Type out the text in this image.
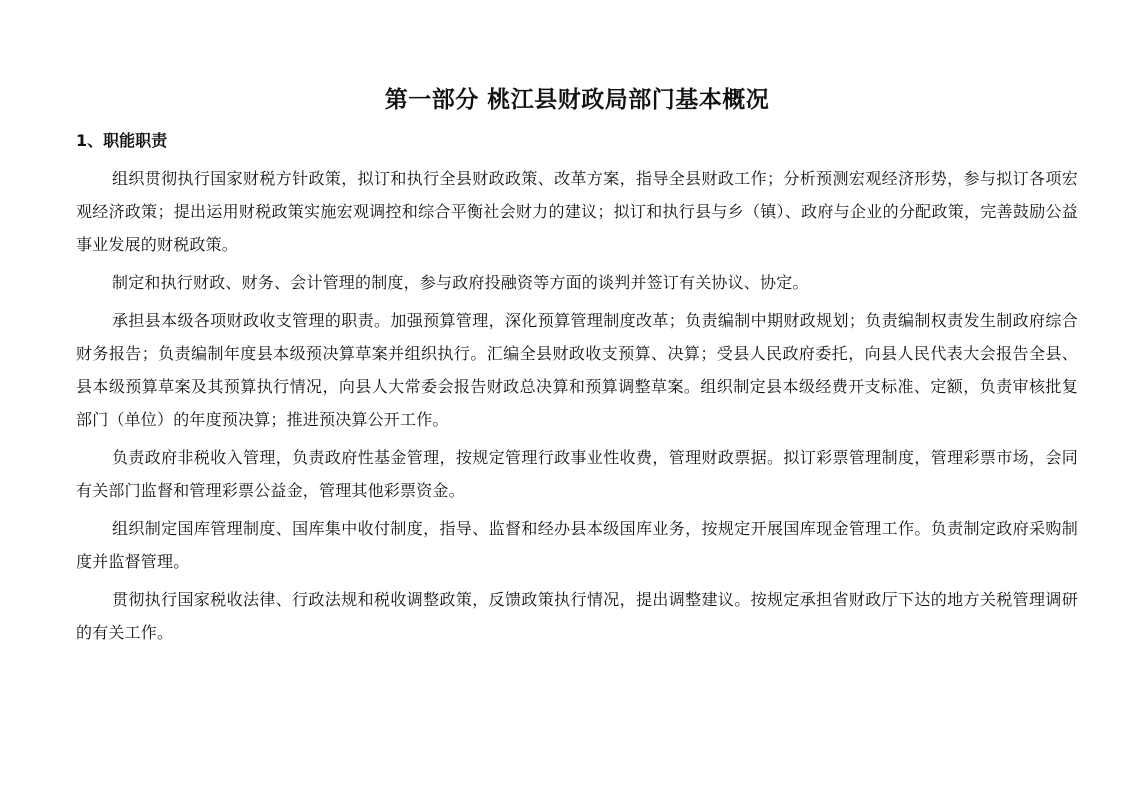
第一部分 桃江县财政局部门基本概况
1、职能职责

组织贯彻执行国家财税方针政策，拟订和执行全县财政政策、改革方案，指导全县财政工作；分析预测宏观经济形势，参与拟订各项宏观经济政策；提出运用财税政策实施宏观调控和综合平衡社会财力的建议；拟订和执行县与乡（镇）、政府与企业的分配政策，完善鼓励公益事业发展的财税政策。

制定和执行财政、财务、会计管理的制度，参与政府投融资等方面的谈判并签订有关协议、协定。

承担县本级各项财政收支管理的职责。加强预算管理，深化预算管理制度改革；负责编制中期财政规划；负责编制权责发生制政府综合财务报告；负责编制年度县本级预决算草案并组织执行。汇编全县财政收支预算、决算；受县人民政府委托，向县人民代表大会报告全县、县本级预算草案及其预算执行情况，向县人大常委会报告财政总决算和预算调整草案。组织制定县本级经费开支标准、定额，负责审核批复部门（单位）的年度预决算；推进预决算公开工作。

负责政府非税收入管理，负责政府性基金管理，按规定管理行政事业性收费，管理财政票据。拟订彩票管理制度，管理彩票市场，会同有关部门监督和管理彩票公益金，管理其他彩票资金。

组织制定国库管理制度、国库集中收付制度，指导、监督和经办县本级国库业务，按规定开展国库现金管理工作。负责制定政府采购制度并监督管理。

贯彻执行国家税收法律、行政法规和税收调整政策，反馈政策执行情况，提出调整建议。按规定承担省财政厅下达的地方关税管理调研的有关工作。
